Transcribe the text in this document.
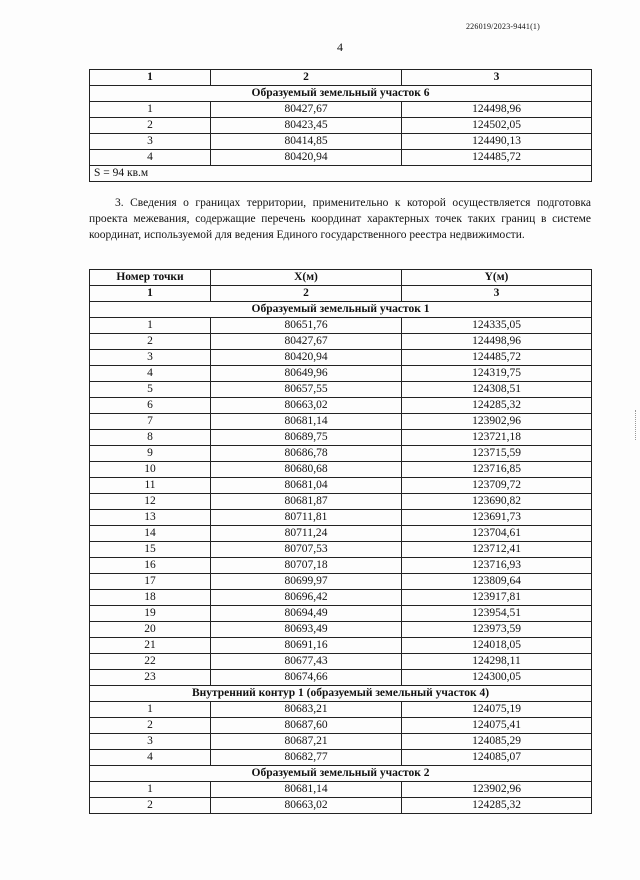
226019/2023-9441(1)
4
1	2	3
Образуемый земельный участок 6		
1	80427,67	124498,96
2	80423,45	124502,05
3	80414,85	124490,13
4	80420,94	124485,72
S = 94 кв.м		
3. Сведения о границах территории, применительно к которой осуществляется подготовка проекта межевания, содержащие перечень координат характерных точек таких границ в системе координат, используемой для ведения Единого государственного реестра недвижимости.
Номер точки	X(м)	Y(м)
1	2	3
Образуемый земельный участок 1		
1	80651,76	124335,05
2	80427,67	124498,96
3	80420,94	124485,72
4	80649,96	124319,75
5	80657,55	124308,51
6	80663,02	124285,32
7	80681,14	123902,96
8	80689,75	123721,18
9	80686,78	123715,59
10	80680,68	123716,85
11	80681,04	123709,72
12	80681,87	123690,82
13	80711,81	123691,73
14	80711,24	123704,61
15	80707,53	123712,41
16	80707,18	123716,93
17	80699,97	123809,64
18	80696,42	123917,81
19	80694,49	123954,51
20	80693,49	123973,59
21	80691,16	124018,05
22	80677,43	124298,11
23	80674,66	124300,05
Внутренний контур 1 (образуемый земельный участок 4)		
1	80683,21	124075,19
2	80687,60	124075,41
3	80687,21	124085,29
4	80682,77	124085,07
Образуемый земельный участок 2		
1	80681,14	123902,96
2	80663,02	124285,32
